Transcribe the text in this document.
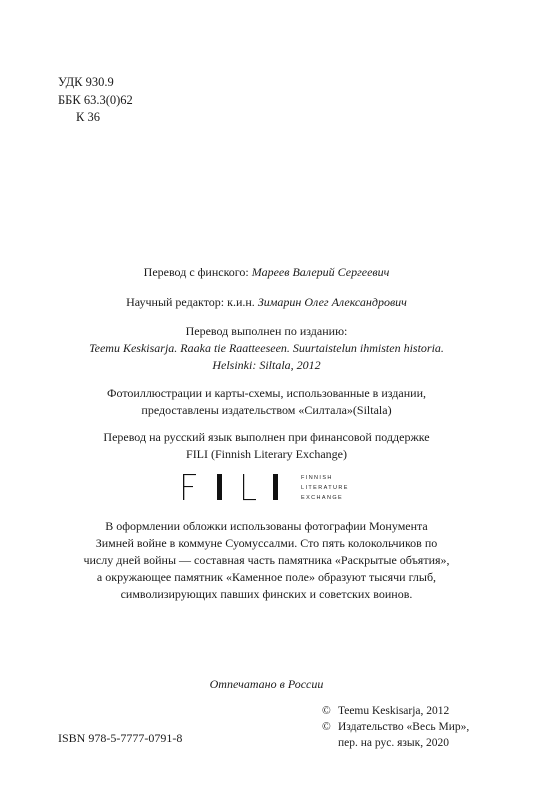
УДК 930.9
ББК 63.3(0)62
К 36
Перевод с финского: Мареев Валерий Сергеевич
Научный редактор: к.и.н. Зимарин Олег Александрович
Перевод выполнен по изданию:
Teemu Keskisarja. Raaka tie Raatteeseen. Suurtaistelun ihmisten historia.
Helsinki: Siltala, 2012
Фотоиллюстрации и карты-схемы, использованные в издании,
предоставлены издательством «Силтала»(Siltala)
Перевод на русский язык выполнен при финансовой поддержке
FILI (Finnish Literary Exchange)
FINNISH
LITERATURE
EXCHANGE
В оформлении обложки использованы фотографии Монумента
Зимней войне в коммуне Суомуссалми. Сто пять колокольчиков по
числу дней войны — составная часть памятника «Раскрытые объятия»,
а окружающее памятник «Каменное поле» образуют тысячи глыб,
символизирующих павших финских и советских воинов.
Отпечатано в России
© Teemu Keskisarja, 2012
© Издательство «Весь Мир»,
пер. на рус. язык, 2020
ISBN 978-5-7777-0791-8
